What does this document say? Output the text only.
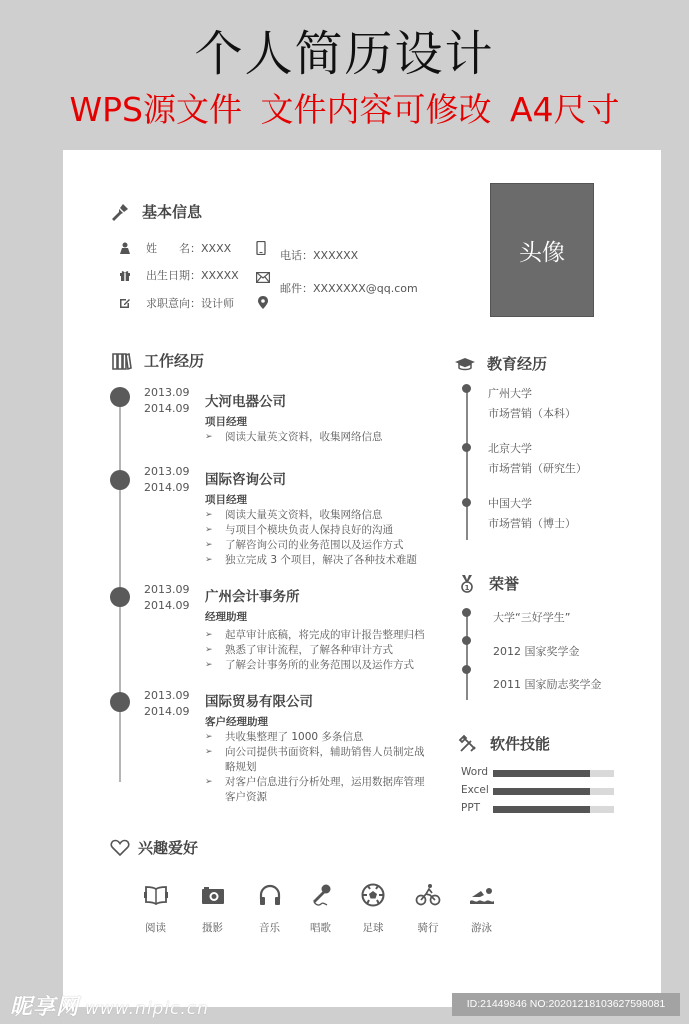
个人简历设计
WPS源文件 文件内容可修改 A4尺寸
基本信息
姓　　名：XXXX
出生日期：XXXXX
求职意向：设计师
电话：XXXXXX
邮件：XXXXXXX@qq.com
头像
工作经历
2013.09
2014.09 大河电器公司
项目经理
➢	阅读大量英文资料，收集网络信息
2013.09
2014.09 国际咨询公司
项目经理
➢	阅读大量英文资料，收集网络信息
➢	与项目个模块负责人保持良好的沟通
➢	了解咨询公司的业务范围以及运作方式
➢	独立完成 3 个项目，解决了各种技术难题
2013.09
2014.09
广州会计事务所
经理助理
➢	起草审计底稿，将完成的审计报告整理归档
➢	熟悉了审计流程，了解各种审计方式
➢	了解会计事务所的业务范围以及运作方式
2013.09
2014.09
国际贸易有限公司
客户经理助理
➢	共收集整理了 1000 多条信息
➢	向公司提供书面资料，辅助销售人员制定战略规划
➢	对客户信息进行分析处理，运用数据库管理客户资源
教育经历
广州大学
市场营销（本科）
北京大学
市场营销（研究生）
中国大学
市场营销（博士）
1 荣誉
大学“三好学生”
2012 国家奖学金
2011 国家励志奖学金
软件技能
Word
Excel
PPT
兴趣爱好
阅读	摄影	音乐	唱歌	足球	骑行	游泳
昵享网 www.nipic.cn	ID:21449846 NO:20201218103627598081
